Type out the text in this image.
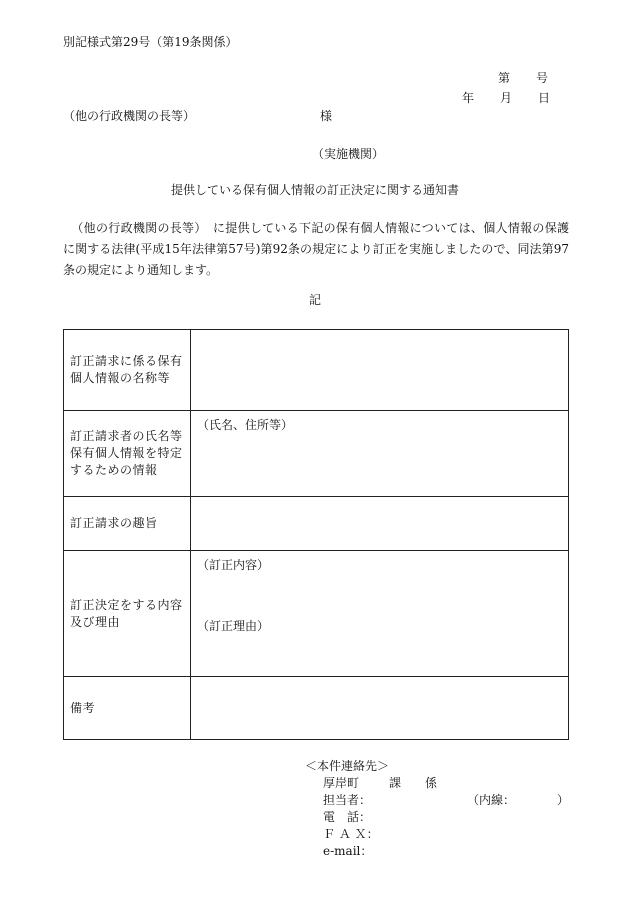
別記様式第29号（第19条関係）
第 号
年 月 日
（他の行政機関の長等）	様
（実施機関）
提供している保有個人情報の訂正決定に関する通知書
（他の行政機関の長等）　に提供している下記の保有個人情報については、個人情報の保護に関する法律(平成15年法律第57号)第92条の規定により訂正を実施しましたので、同法第97条の規定により通知します。
記
訂正請求に係る保有個人情報の名称等	
訂正請求者の氏名等保有個人情報を特定するための情報	（氏名、住所等）
訂正請求の趣旨	
訂正決定をする内容及び理由	（訂正内容）
（訂正理由）

備考	
＜本件連絡先＞
厚岸町	課 係
担当者：	（内線：　　　　）
電　話：
Ｆ Ａ Ｘ：
e-mail：
